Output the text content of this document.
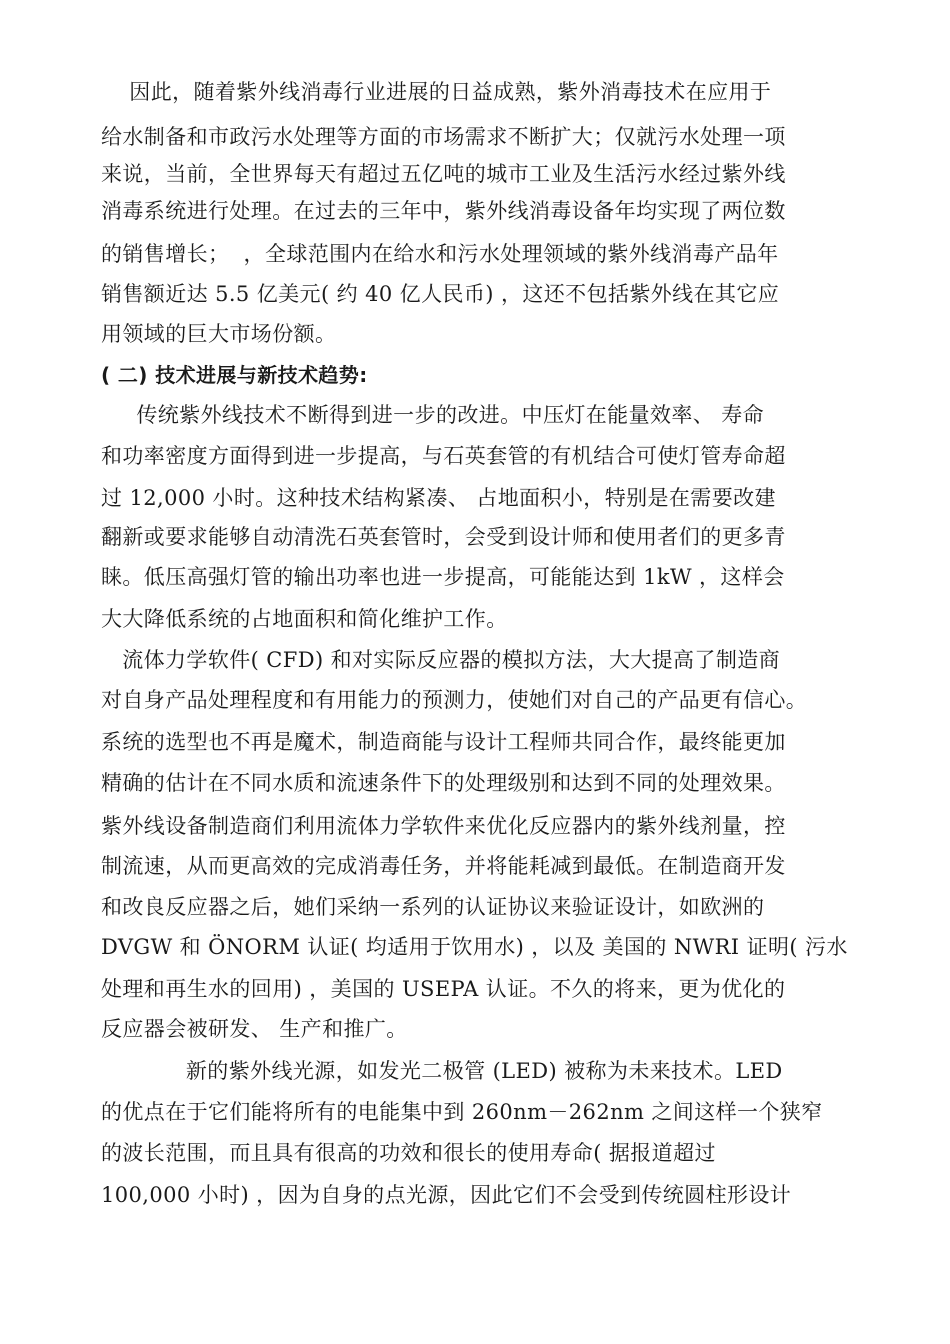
因此，随着紫外线消毒行业进展的日益成熟，紫外消毒技术在应用于
给水制备和市政污水处理等方面的市场需求不断扩大；仅就污水处理一项
来说，当前，全世界每天有超过五亿吨的城市工业及生活污水经过紫外线
消毒系统进行处理。在过去的三年中，紫外线消毒设备年均实现了两位数
的销售增长；  ，全球范围内在给水和污水处理领域的紫外线消毒产品年
销售额近达 5.5 亿美元( 约 40 亿人民币) ，这还不包括紫外线在其它应
用领域的巨大市场份额。
( 二) 技术进展与新技术趋势:
传统紫外线技术不断得到进一步的改进。中压灯在能量效率、 寿命
和功率密度方面得到进一步提高，与石英套管的有机结合可使灯管寿命超
过 12,000 小时。这种技术结构紧凑、 占地面积小，特别是在需要改建
翻新或要求能够自动清洗石英套管时，会受到设计师和使用者们的更多青
睐。低压高强灯管的输出功率也进一步提高，可能能达到 1kW ，这样会
大大降低系统的占地面积和简化维护工作。
流体力学软件( CFD) 和对实际反应器的模拟方法，大大提高了制造商
对自身产品处理程度和有用能力的预测力，使她们对自己的产品更有信心。
系统的选型也不再是魔术，制造商能与设计工程师共同合作，最终能更加
精确的估计在不同水质和流速条件下的处理级别和达到不同的处理效果。
紫外线设备制造商们利用流体力学软件来优化反应器内的紫外线剂量，控
制流速，从而更高效的完成消毒任务，并将能耗减到最低。在制造商开发
和改良反应器之后，她们采纳一系列的认证协议来验证设计，如欧洲的
DVGW 和 ÖNORM 认证( 均适用于饮用水) ，以及 美国的 NWRI 证明( 污水
处理和再生水的回用) ，美国的 USEPA 认证。不久的将来，更为优化的
反应器会被研发、 生产和推广。
新的紫外线光源，如发光二极管 (LED) 被称为未来技术。LED
的优点在于它们能将所有的电能集中到 260nm－262nm 之间这样一个狭窄
的波长范围，而且具有很高的功效和很长的使用寿命( 据报道超过
100,000 小时) ，因为自身的点光源，因此它们不会受到传统圆柱形设计
